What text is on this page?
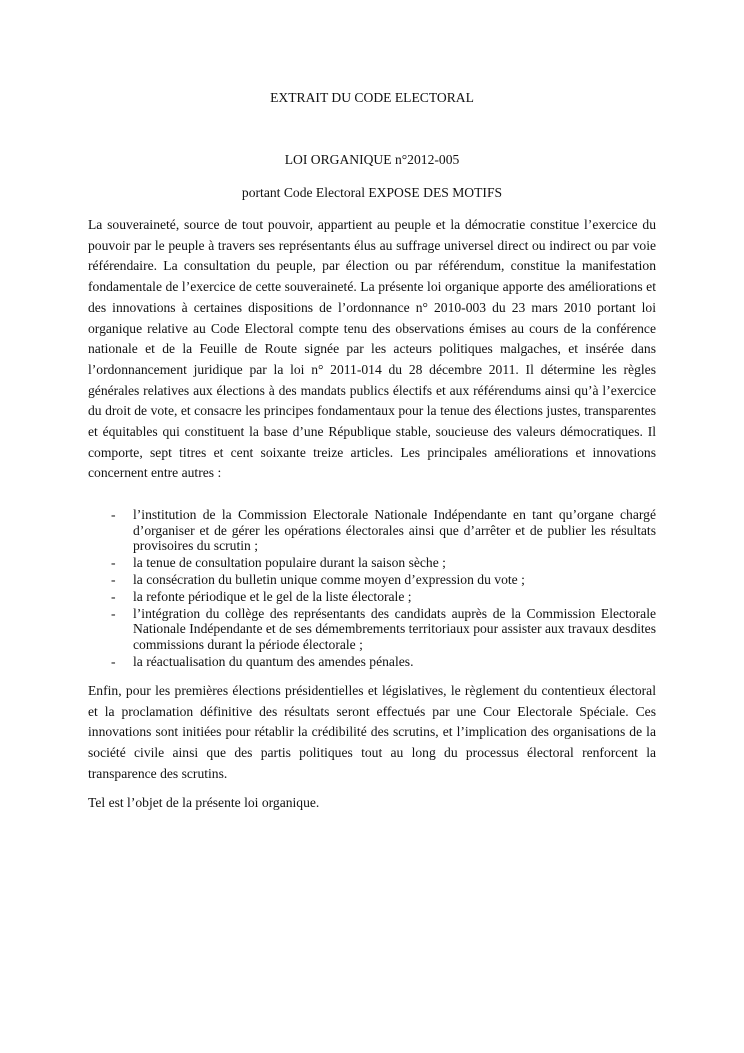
EXTRAIT DU CODE ELECTORAL
LOI ORGANIQUE n°2012-005
portant Code Electoral EXPOSE DES MOTIFS

La souveraineté, source de tout pouvoir, appartient au peuple et la démocratie constitue l’exercice du pouvoir par le peuple à travers ses représentants élus au suffrage universel direct ou indirect ou par voie référendaire. La consultation du peuple, par élection ou par référendum, constitue la manifestation fondamentale de l’exercice de cette souveraineté. La présente loi organique apporte des améliorations et des innovations à certaines dispositions de l’ordonnance n° 2010-003 du 23 mars 2010 portant loi organique relative au Code Electoral compte tenu des observations émises au cours de la conférence nationale et de la Feuille de Route signée par les acteurs politiques malgaches, et insérée dans l’ordonnancement juridique par la loi n° 2011-014 du 28 décembre 2011. Il détermine les règles générales relatives aux élections à des mandats publics électifs et aux référendums ainsi qu’à l’exercice du droit de vote, et consacre les principes fondamentaux pour la tenue des élections justes, transparentes et équitables qui constituent la base d’une République stable, soucieuse des valeurs démocratiques. Il comporte, sept titres et cent soixante treize articles. Les principales améliorations et innovations concernent entre autres :

- l’institution de la Commission Electorale Nationale Indépendante en tant qu’organe chargé d’organiser et de gérer les opérations électorales ainsi que d’arrêter et de publier les résultats provisoires du scrutin ;
- la tenue de consultation populaire durant la saison sèche ;
- la consécration du bulletin unique comme moyen d’expression du vote ;
- la refonte périodique et le gel de la liste électorale ;
- l’intégration du collège des représentants des candidats auprès de la Commission Electorale Nationale Indépendante et de ses démembrements territoriaux pour assister aux travaux desdites commissions durant la période électorale ;
- la réactualisation du quantum des amendes pénales.

Enfin, pour les premières élections présidentielles et législatives, le règlement du contentieux électoral et la proclamation définitive des résultats seront effectués par une Cour Electorale Spéciale. Ces innovations sont initiées pour rétablir la crédibilité des scrutins, et l’implication des organisations de la société civile ainsi que des partis politiques tout au long du processus électoral renforcent la transparence des scrutins.

Tel est l’objet de la présente loi organique.
